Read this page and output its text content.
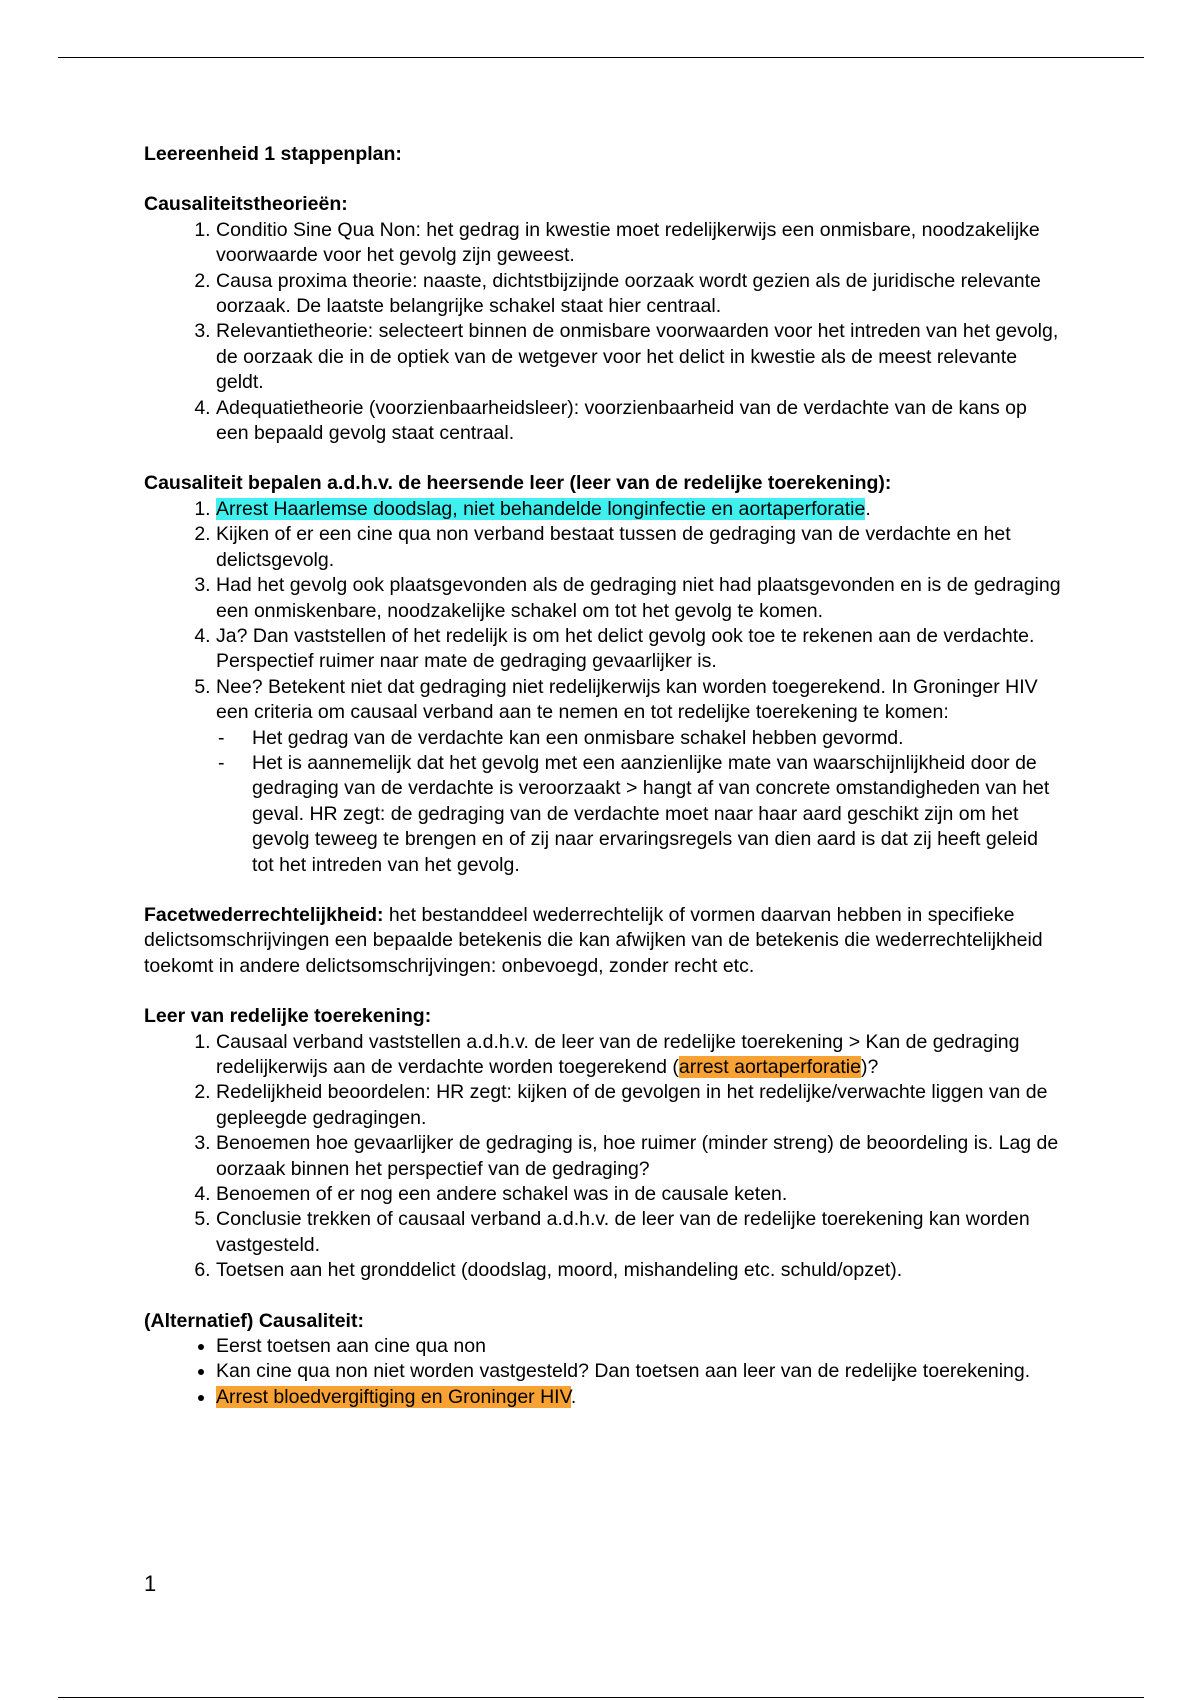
Leereenheid 1 stappenplan:
Causaliteitstheorieën:
1. Conditio Sine Qua Non: het gedrag in kwestie moet redelijkerwijs een onmisbare, noodzakelijke voorwaarde voor het gevolg zijn geweest.
2. Causa proxima theorie: naaste, dichtstbijzijnde oorzaak wordt gezien als de juridische relevante oorzaak. De laatste belangrijke schakel staat hier centraal.
3. Relevantietheorie: selecteert binnen de onmisbare voorwaarden voor het intreden van het gevolg, de oorzaak die in de optiek van de wetgever voor het delict in kwestie als de meest relevante geldt.
4. Adequatietheorie (voorzienbaarheidsleer): voorzienbaarheid van de verdachte van de kans op een bepaald gevolg staat centraal.
Causaliteit bepalen a.d.h.v. de heersende leer (leer van de redelijke toerekening):
1. Arrest Haarlemse doodslag, niet behandelde longinfectie en aortaperforatie.
2. Kijken of er een cine qua non verband bestaat tussen de gedraging van de verdachte en het delictsgevolg.
3. Had het gevolg ook plaatsgevonden als de gedraging niet had plaatsgevonden en is de gedraging een onmiskenbare, noodzakelijke schakel om tot het gevolg te komen.
4. Ja? Dan vaststellen of het redelijk is om het delict gevolg ook toe te rekenen aan de verdachte. Perspectief ruimer naar mate de gedraging gevaarlijker is.
5. Nee? Betekent niet dat gedraging niet redelijkerwijs kan worden toegerekend. In Groninger HIV een criteria om causaal verband aan te nemen en tot redelijke toerekening te komen:
- Het gedrag van de verdachte kan een onmisbare schakel hebben gevormd.
- Het is aannemelijk dat het gevolg met een aanzienlijke mate van waarschijnlijkheid door de gedraging van de verdachte is veroorzaakt > hangt af van concrete omstandigheden van het geval. HR zegt: de gedraging van de verdachte moet naar haar aard geschikt zijn om het gevolg teweeg te brengen en of zij naar ervaringsregels van dien aard is dat zij heeft geleid tot het intreden van het gevolg.

Facetwederrechtelijkheid: het bestanddeel wederrechtelijk of vormen daarvan hebben in specifieke delictsomschrijvingen een bepaalde betekenis die kan afwijken van de betekenis die wederrechtelijkheid toekomt in andere delictsomschrijvingen: onbevoegd, zonder recht etc.

Leer van redelijke toerekening:
1. Causaal verband vaststellen a.d.h.v. de leer van de redelijke toerekening > Kan de gedraging redelijkerwijs aan de verdachte worden toegerekend (arrest aortaperforatie)?
2. Redelijkheid beoordelen: HR zegt: kijken of de gevolgen in het redelijke/verwachte liggen van de gepleegde gedragingen.
3. Benoemen hoe gevaarlijker de gedraging is, hoe ruimer (minder streng) de beoordeling is. Lag de oorzaak binnen het perspectief van de gedraging?
4. Benoemen of er nog een andere schakel was in de causale keten.
5. Conclusie trekken of causaal verband a.d.h.v. de leer van de redelijke toerekening kan worden vastgesteld.
6. Toetsen aan het gronddelict (doodslag, moord, mishandeling etc. schuld/opzet).
(Alternatief) Causaliteit:
• Eerst toetsen aan cine qua non
• Kan cine qua non niet worden vastgesteld? Dan toetsen aan leer van de redelijke toerekening.
• Arrest bloedvergiftiging en Groninger HIV.
1
